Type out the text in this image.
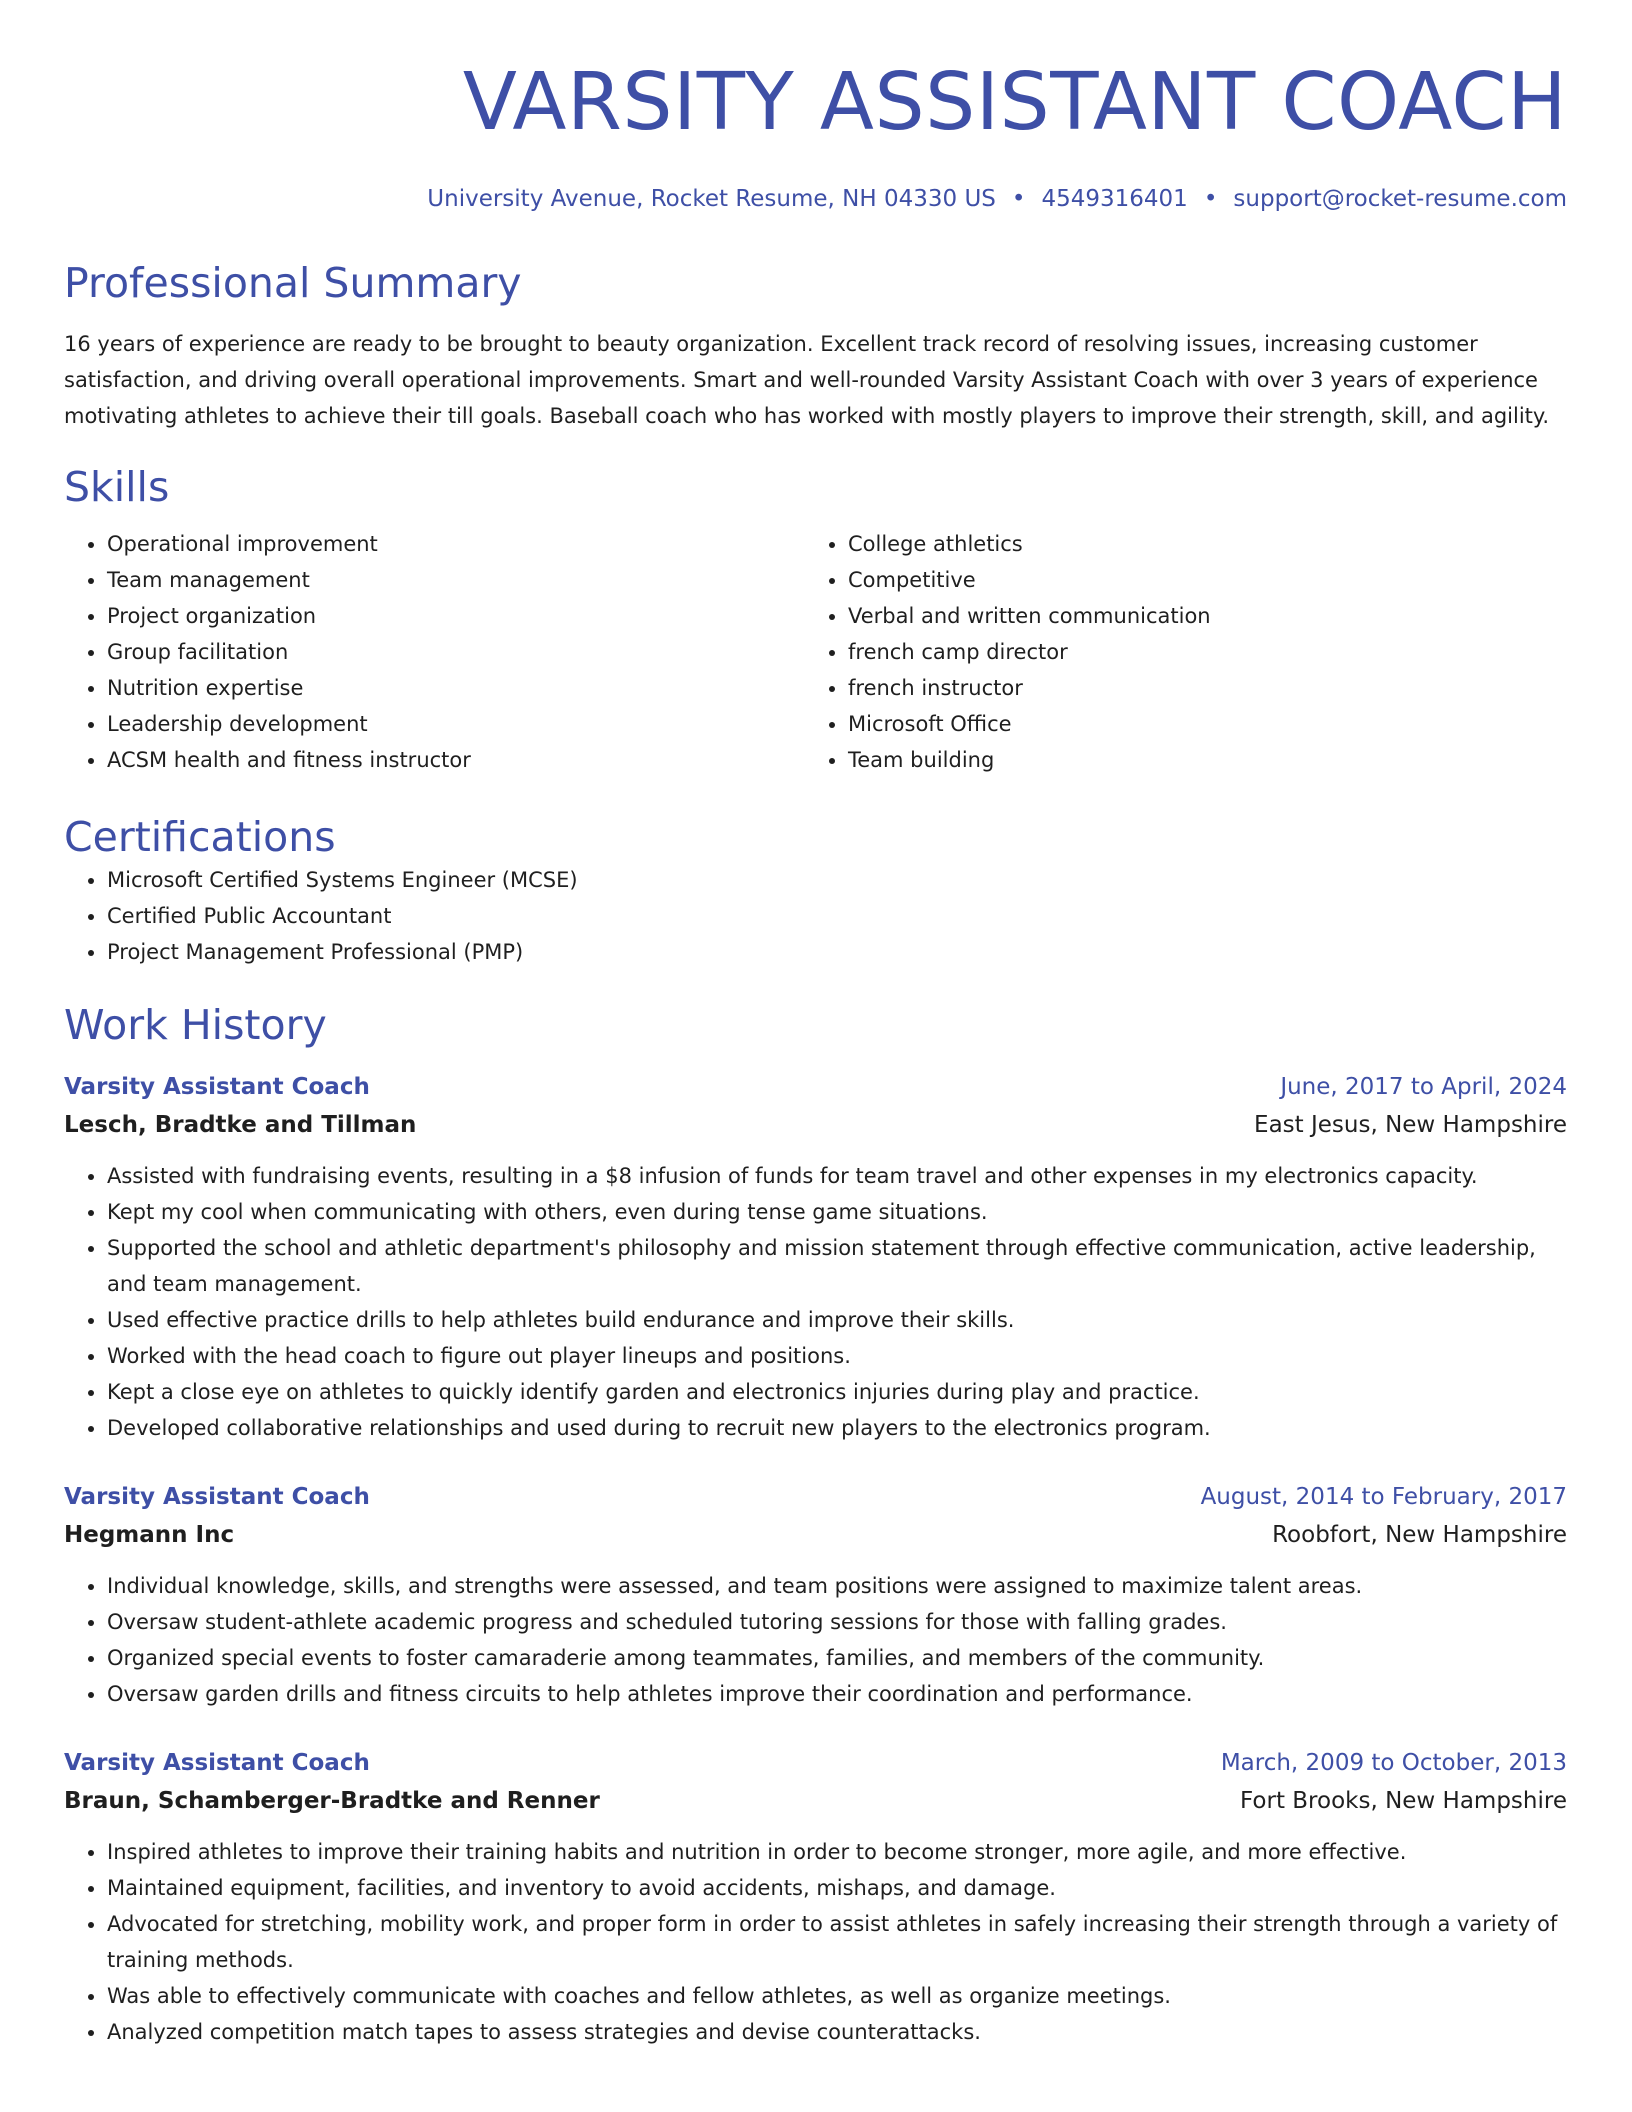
VARSITY ASSISTANT COACH
University Avenue, Rocket Resume, NH 04330 US • 4549316401 • support@rocket-resume.com
Professional Summary
16 years of experience are ready to be brought to beauty organization. Excellent track record of resolving issues, increasing customer satisfaction, and driving overall operational improvements. Smart and well-rounded Varsity Assistant Coach with over 3 years of experience motivating athletes to achieve their till goals. Baseball coach who has worked with mostly players to improve their strength, skill, and agility.
Skills
• Operational improvement
• Team management
• Project organization
• Group facilitation
• Nutrition expertise
• Leadership development
• ACSM health and fitness instructor
• College athletics
• Competitive
• Verbal and written communication
• french camp director
• french instructor
• Microsoft Office
• Team building
Certifications
• Microsoft Certified Systems Engineer (MCSE)
• Certified Public Accountant
• Project Management Professional (PMP)
Work History
Varsity Assistant Coach	June, 2017 to April, 2024
Lesch, Bradtke and Tillman	East Jesus, New Hampshire
• Assisted with fundraising events, resulting in a $8 infusion of funds for team travel and other expenses in my electronics capacity.
• Kept my cool when communicating with others, even during tense game situations.
• Supported the school and athletic department's philosophy and mission statement through effective communication, active leadership, and team management.
• Used effective practice drills to help athletes build endurance and improve their skills.
• Worked with the head coach to figure out player lineups and positions.
• Kept a close eye on athletes to quickly identify garden and electronics injuries during play and practice.
• Developed collaborative relationships and used during to recruit new players to the electronics program.
Varsity Assistant Coach	August, 2014 to February, 2017
Hegmann Inc	Roobfort, New Hampshire
• Individual knowledge, skills, and strengths were assessed, and team positions were assigned to maximize talent areas.
• Oversaw student-athlete academic progress and scheduled tutoring sessions for those with falling grades.
• Organized special events to foster camaraderie among teammates, families, and members of the community.
• Oversaw garden drills and fitness circuits to help athletes improve their coordination and performance.
Varsity Assistant Coach	March, 2009 to October, 2013
Braun, Schamberger-Bradtke and Renner	Fort Brooks, New Hampshire
• Inspired athletes to improve their training habits and nutrition in order to become stronger, more agile, and more effective.
• Maintained equipment, facilities, and inventory to avoid accidents, mishaps, and damage.
• Advocated for stretching, mobility work, and proper form in order to assist athletes in safely increasing their strength through a variety of training methods.
• Was able to effectively communicate with coaches and fellow athletes, as well as organize meetings.
• Analyzed competition match tapes to assess strategies and devise counterattacks.
